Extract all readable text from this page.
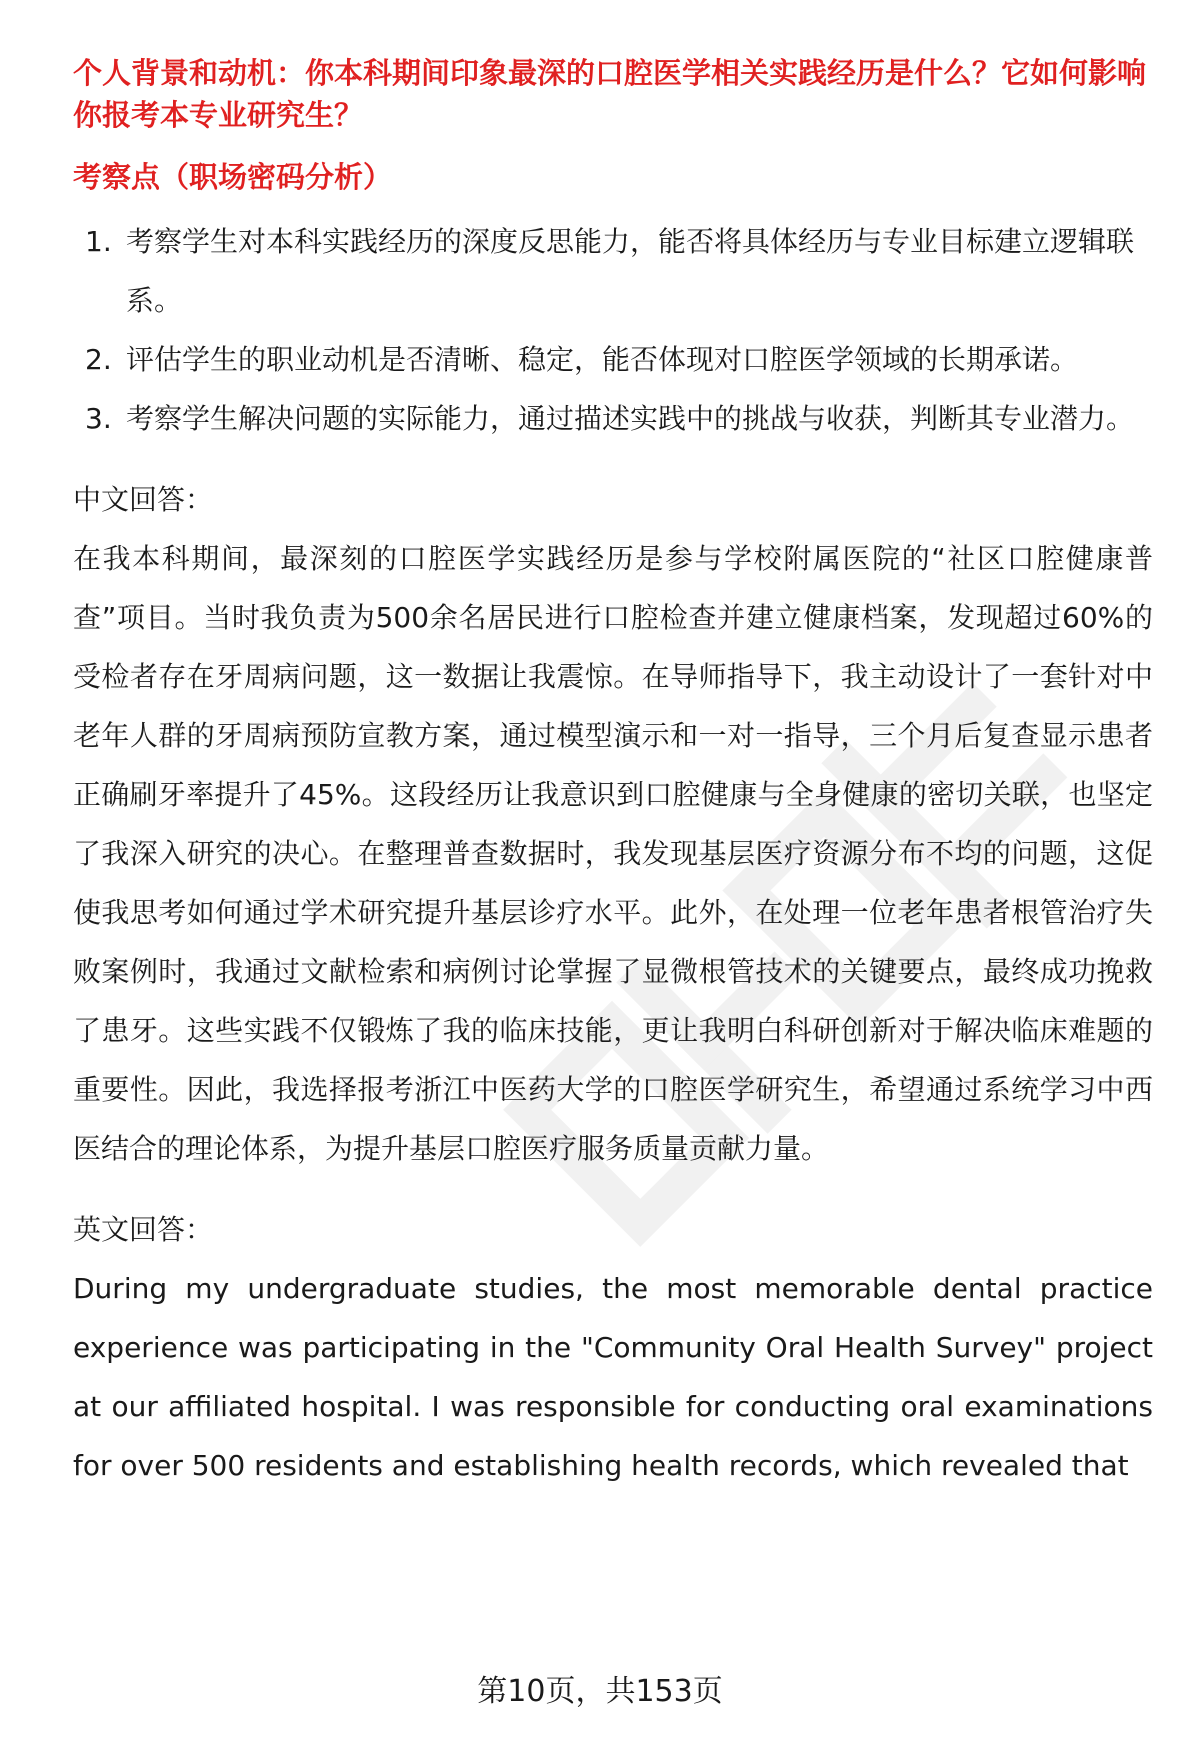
个人背景和动机：你本科期间印象最深的口腔医学相关实践经历是什么？它如何影响你报考本专业研究生？

考察点（职场密码分析）
1. 考察学生对本科实践经历的深度反思能力，能否将具体经历与专业目标建立逻辑联系。
2. 评估学生的职业动机是否清晰、稳定，能否体现对口腔医学领域的长期承诺。
3. 考察学生解决问题的实际能力，通过描述实践中的挑战与收获，判断其专业潜力。
中文回答：

在我本科期间，最深刻的口腔医学实践经历是参与学校附属医院的“社区口腔健康普查”项目。当时我负责为500余名居民进行口腔检查并建立健康档案，发现超过60%的受检者存在牙周病问题，这一数据让我震惊。在导师指导下，我主动设计了一套针对中老年人群的牙周病预防宣教方案，通过模型演示和一对一指导，三个月后复查显示患者正确刷牙率提升了45%。这段经历让我意识到口腔健康与全身健康的密切关联，也坚定了我深入研究的决心。在整理普查数据时，我发现基层医疗资源分布不均的问题，这促使我思考如何通过学术研究提升基层诊疗水平。此外，在处理一位老年患者根管治疗失败案例时，我通过文献检索和病例讨论掌握了显微根管技术的关键要点，最终成功挽救了患牙。这些实践不仅锻炼了我的临床技能，更让我明白科研创新对于解决临床难题的重要性。因此，我选择报考浙江中医药大学的口腔医学研究生，希望通过系统学习中西医结合的理论体系，为提升基层口腔医疗服务质量贡献力量。

英文回答：

During my undergraduate studies, the most memorable dental practice experience was participating in the "Community Oral Health Survey" project at our affiliated hospital. I was responsible for conducting oral examinations for over 500 residents and establishing health records, which revealed that

第10页，共153页
